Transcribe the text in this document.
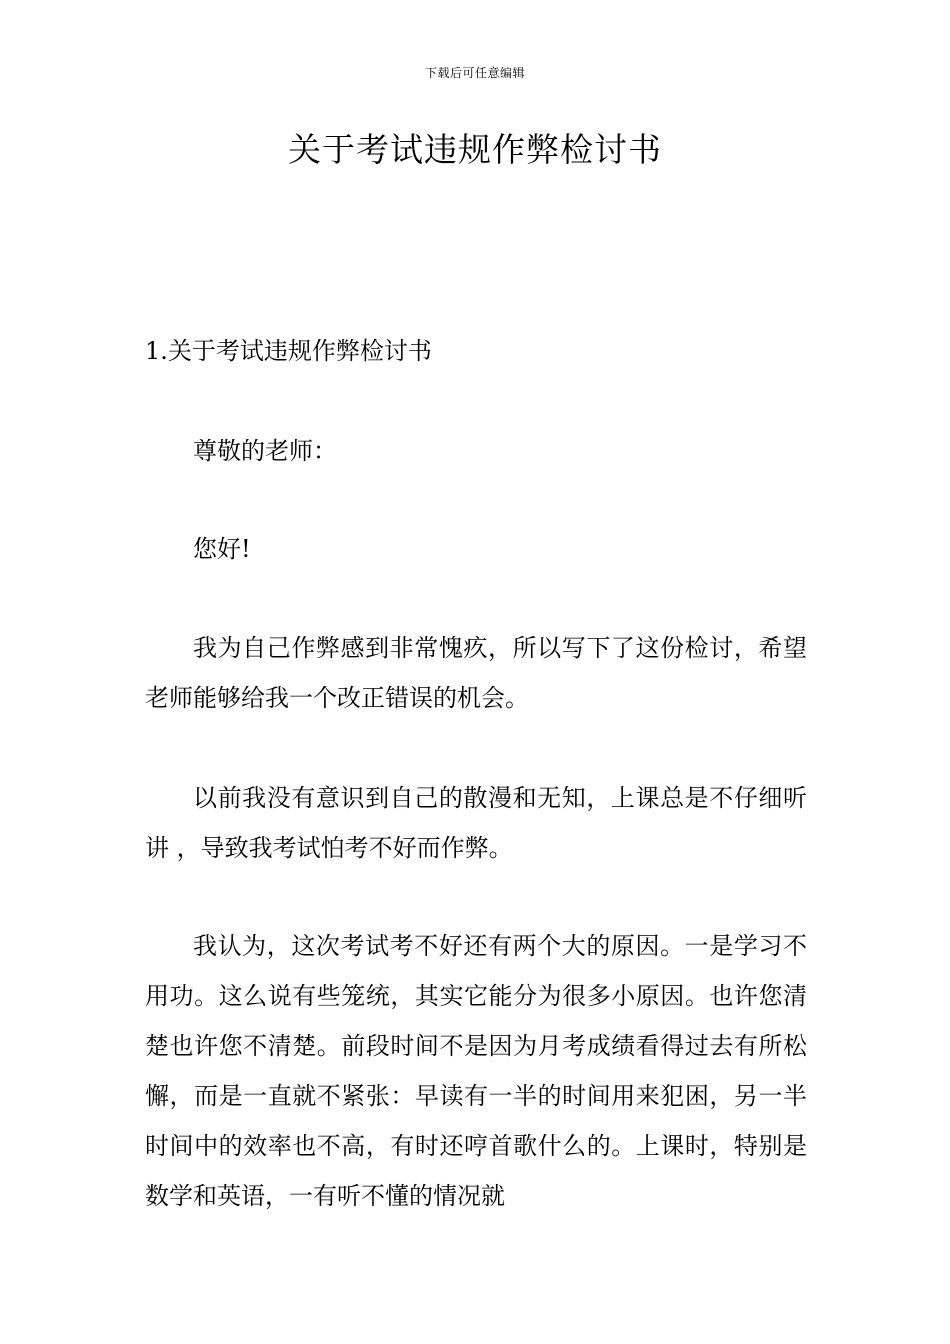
下载后可任意编辑
关于考试违规作弊检讨书

1.关于考试违规作弊检讨书

尊敬的老师：

您好!

我为自己作弊感到非常愧疚，所以写下了这份检讨，希望老师能够给我一个改正错误的机会。

以前我没有意识到自己的散漫和无知，上课总是不仔细听讲 ，导致我考试怕考不好而作弊。

我认为，这次考试考不好还有两个大的原因。一是学习不用功。这么说有些笼统，其实它能分为很多小原因。也许您清楚也许您不清楚。前段时间不是因为月考成绩看得过去有所松懈，而是一直就不紧张：早读有一半的时间用来犯困，另一半时间中的效率也不高，有时还哼首歌什么的。上课时，特别是数学和英语，一有听不懂的情况就
